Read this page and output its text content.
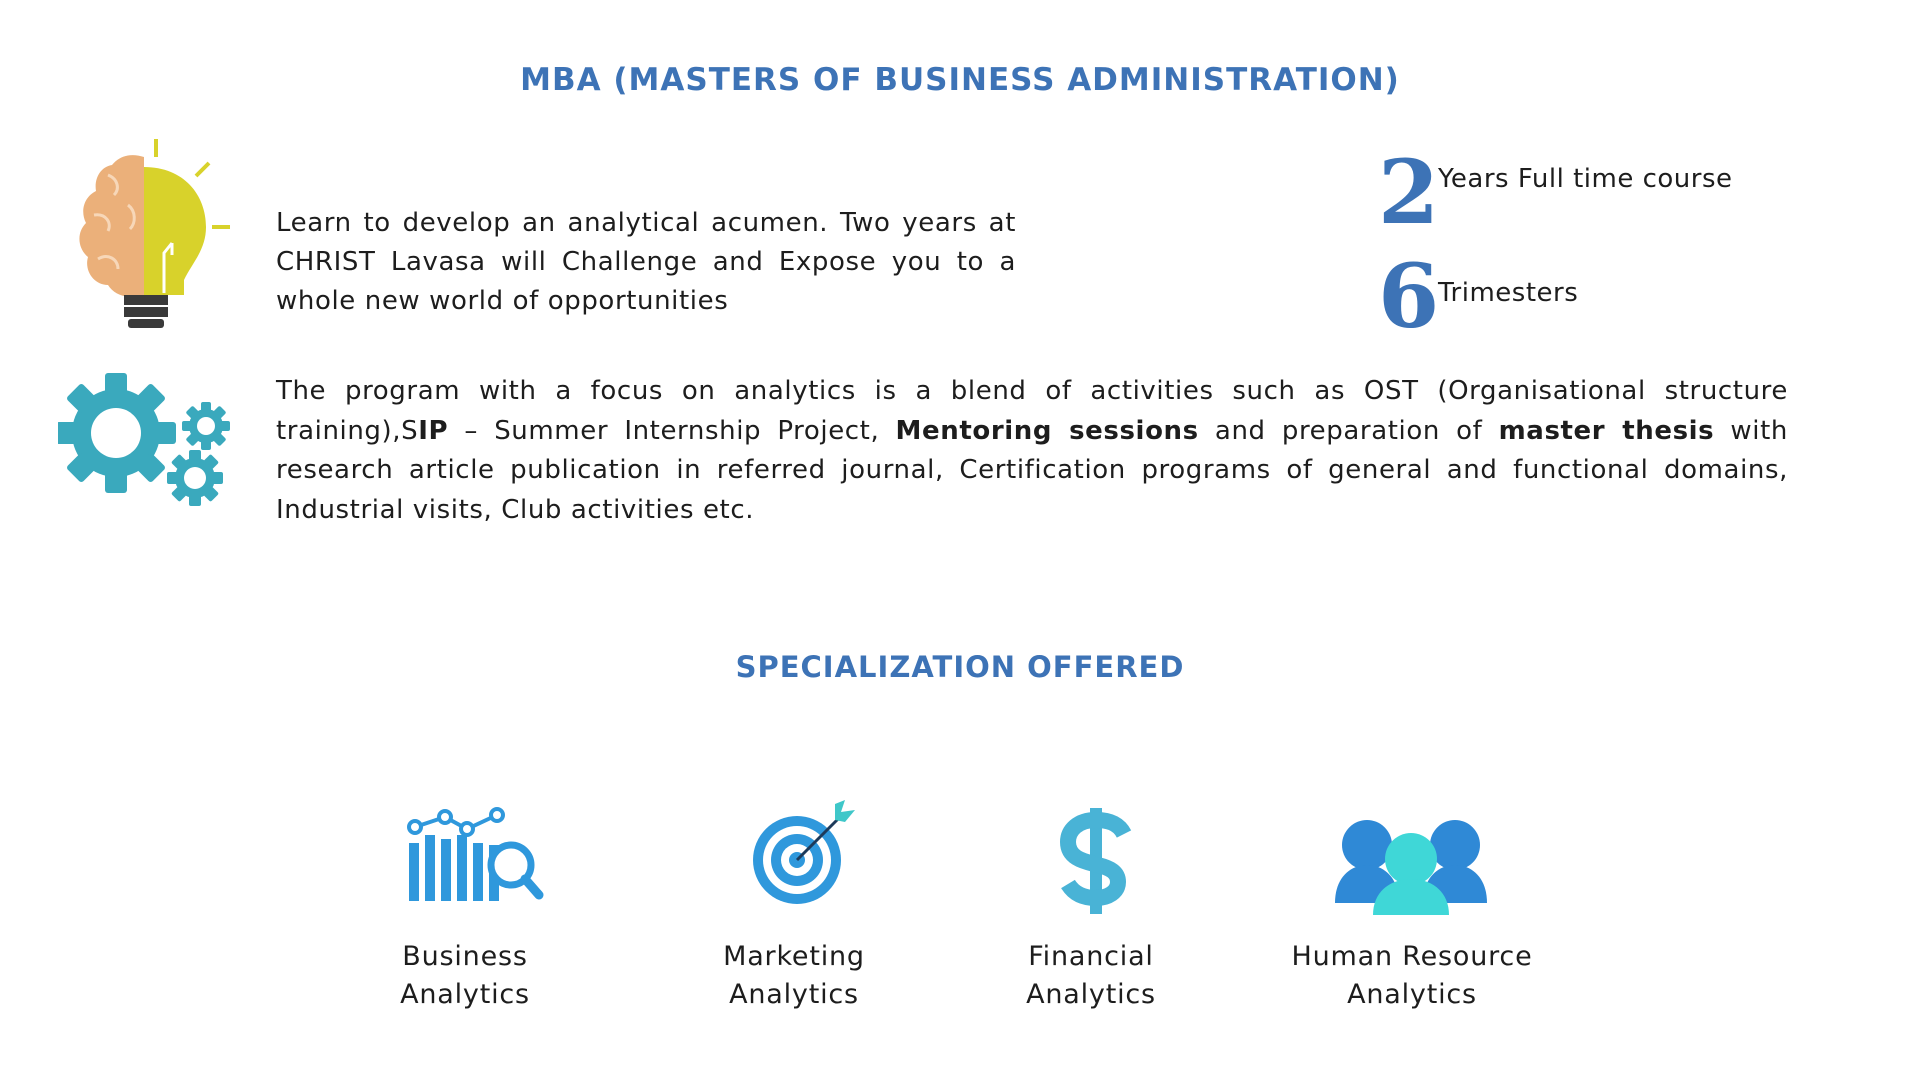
MBA (MASTERS OF BUSINESS ADMINISTRATION)
Learn to develop an analytical acumen. Two years at CHRIST Lavasa will Challenge and Expose you to a whole new world of opportunities
2
Years Full time course
6
Trimesters
The program with a focus on analytics is a blend of activities such as OST (Organisational structure training),SIP – Summer Internship Project, Mentoring sessions and preparation of master thesis with research article publication in referred journal, Certification programs of general and functional domains, Industrial visits, Club activities etc.
SPECIALIZATION OFFERED
Business
Analytics
Marketing
Analytics
Financial
Analytics
Human Resource
Analytics
